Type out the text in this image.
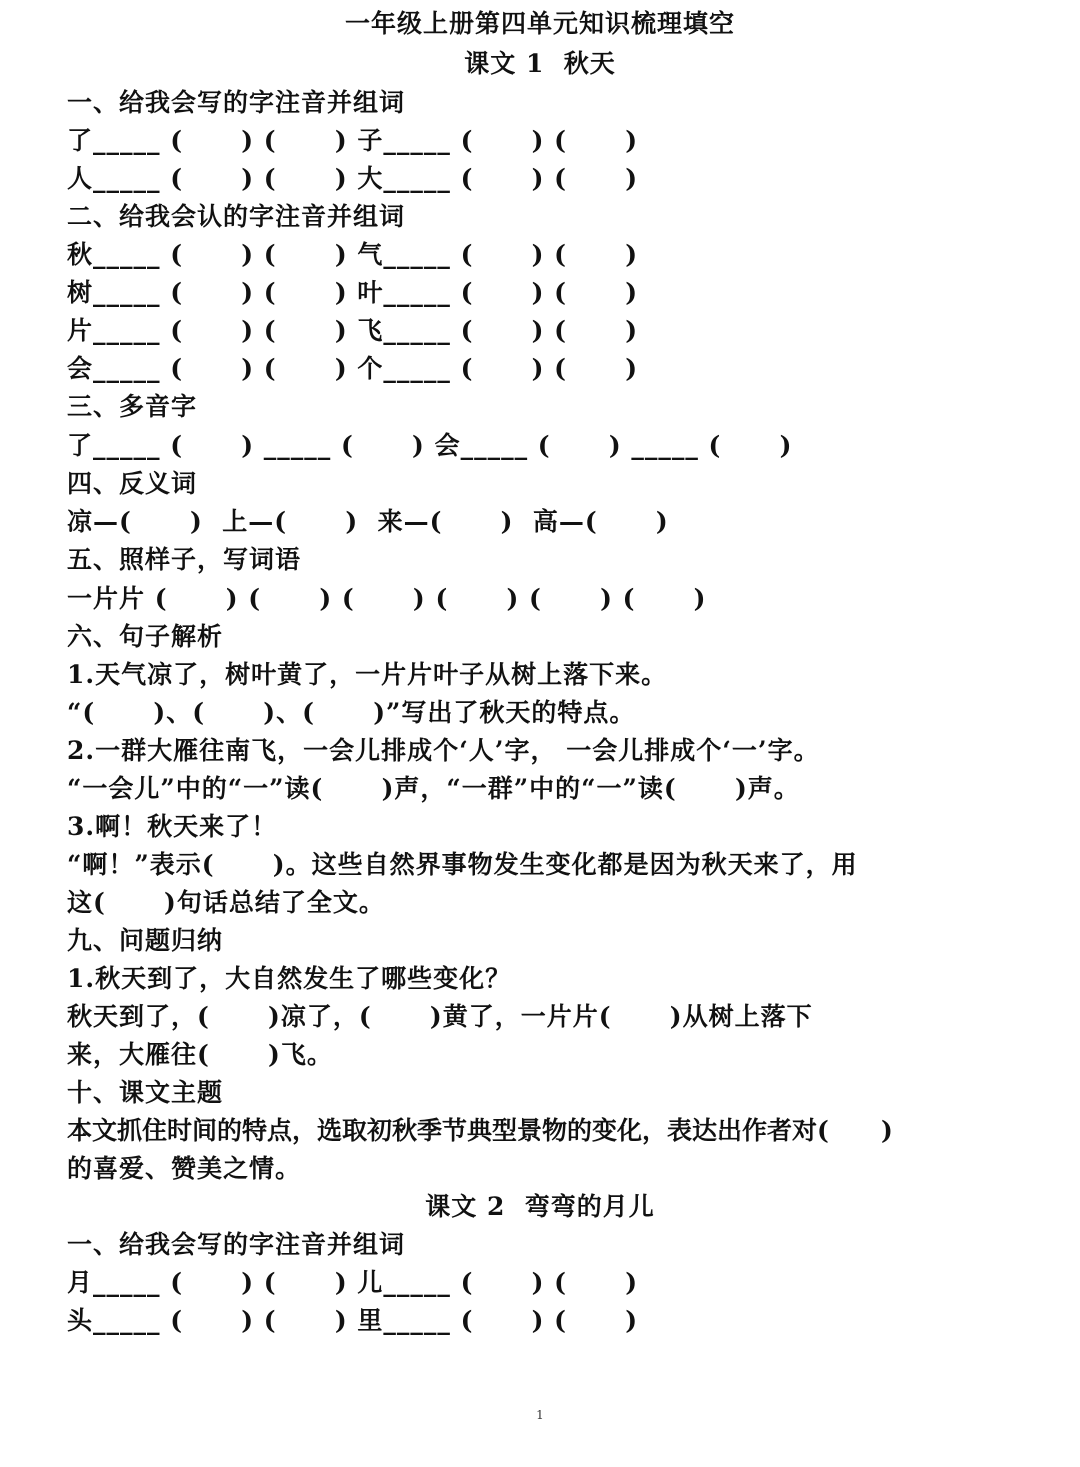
一年级上册第四单元知识梳理填空
课文 1  秋天
一、给我会写的字注音并组词
了_____ (      ) (      ) 子_____ (      ) (      )
人_____ (      ) (      ) 大_____ (      ) (      )
二、给我会认的字注音并组词
秋_____ (      ) (      ) 气_____ (      ) (      )
树_____ (      ) (      ) 叶_____ (      ) (      )
片_____ (      ) (      ) 飞_____ (      ) (      )
会_____ (      ) (      ) 个_____ (      ) (      )
三、多音字
了_____ (      ) _____ (      ) 会_____ (      ) _____ (      )
四、反义词
凉—(      )  上—(      )  来—(      )  高—(      )
五、照样子，写词语
一片片 (      ) (      ) (      ) (      ) (      ) (      )
六、句子解析
1.天气凉了，树叶黄了，一片片叶子从树上落下来。
“(      )、(      )、(      )”写出了秋天的特点。
2.一群大雁往南飞，一会儿排成个‘人’字， 一会儿排成个‘一’字。
“一会儿”中的“一”读(      )声，“一群”中的“一”读(      )声。
3.啊！秋天来了！
“啊！”表示(      )。这些自然界事物发生变化都是因为秋天来了，用
这(      )句话总结了全文。
九、问题归纳
1.秋天到了，大自然发生了哪些变化？
秋天到了，(      )凉了，(      )黄了，一片片(      )从树上落下
来，大雁往(      )飞。
十、课文主题
本文抓住时间的特点，选取初秋季节典型景物的变化，表达出作者对(      )
的喜爱、赞美之情。
课文 2  弯弯的月儿
一、给我会写的字注音并组词
月_____ (      ) (      ) 儿_____ (      ) (      )
头_____ (      ) (      ) 里_____ (      ) (      )
1
